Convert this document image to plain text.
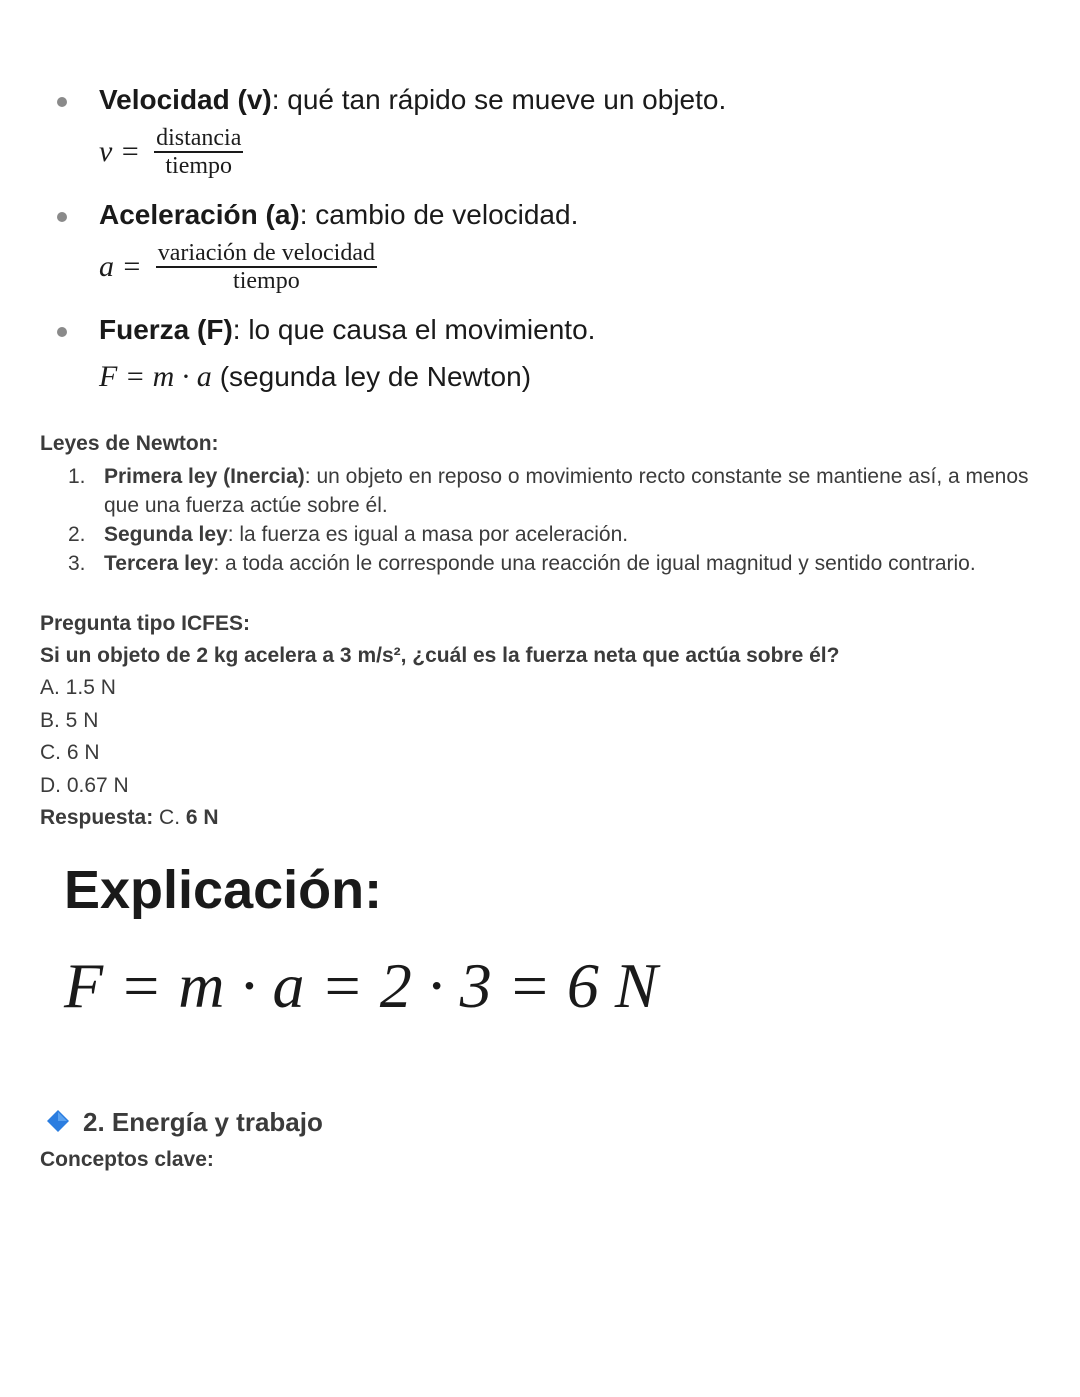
Velocidad (v): qué tan rápido se mueve un objeto.
$v = \frac{\text{distancia}}{\text{tiempo}}$
Aceleración (a): cambio de velocidad.
$a = \frac{\text{variación de velocidad}}{\text{tiempo}}$
Fuerza (F): lo que causa el movimiento.
F = m · a (segunda ley de Newton)
Leyes de Newton:
1. Primera ley (Inercia): un objeto en reposo o movimiento recto constante se mantiene así, a menos que una fuerza actúe sobre él.
2. Segunda ley: la fuerza es igual a masa por aceleración.
3. Tercera ley: a toda acción le corresponde una reacción de igual magnitud y sentido contrario.
Pregunta tipo ICFES:
Si un objeto de 2 kg acelera a 3 m/s², ¿cuál es la fuerza neta que actúa sobre él?
A. 1.5 N
B. 5 N
C. 6 N
D. 0.67 N
Respuesta: C. 6 N
Explicación:
F = m · a = 2 · 3 = 6 N
2. Energía y trabajo
Conceptos clave:
